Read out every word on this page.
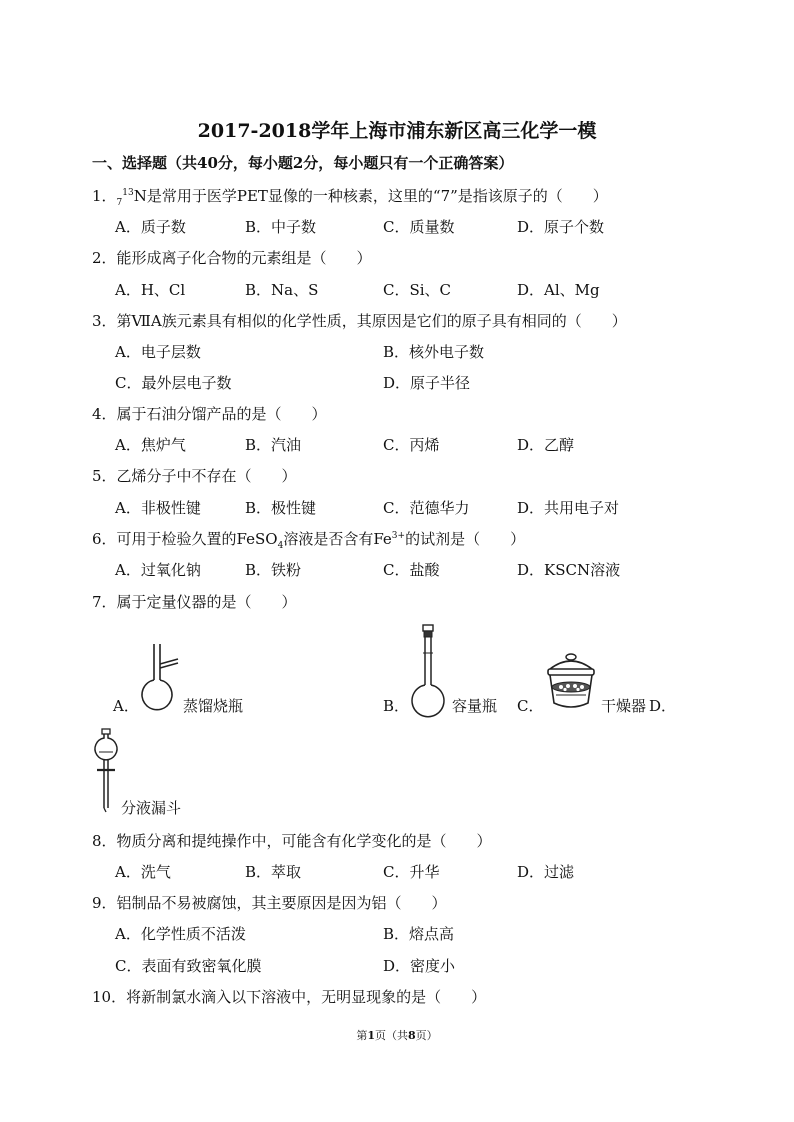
2017-2018学年上海市浦东新区高三化学一模
一、选择题（共40分，每小题2分，每小题只有一个正确答案）
1．$_7^{13}$N是常用于医学PET显像的一种核素，这里的“7”是指该原子的（　　）
A．质子数	B．中子数	C．质量数	D．原子个数
2．能形成离子化合物的元素组是（　　）
A．H、Cl	B．Na、S	C．Si、C	D．Al、Mg
3．第ⅦA族元素具有相似的化学性质，其原因是它们的原子具有相同的（　　）
A．电子层数	B．核外电子数
C．最外层电子数	D．原子半径
4．属于石油分馏产品的是（　　）
A．焦炉气	B．汽油	C．丙烯	D．乙醇
5．乙烯分子中不存在（　　）
A．非极性键	B．极性键	C．范德华力	D．共用电子对
6．可用于检验久置的FeSO$_4$溶液是否含有$Fe^{3+}$的试剂是（　　）
A．过氧化钠	B．铁粉	C．盐酸	D．KSCN溶液
7．属于定量仪器的是（　　）
A．	蒸馏烧瓶	B．	容量瓶 C．	干燥器 D．
分液漏斗
8．物质分离和提纯操作中，可能含有化学变化的是（　　）
A．洗气	B．萃取	C．升华	D．过滤
9．铝制品不易被腐蚀，其主要原因是因为铝（　　）
A．化学性质不活泼	B．熔点高
C．表面有致密氧化膜	D．密度小
10．将新制氯水滴入以下溶液中，无明显现象的是（　　）
第1页（共8页）
